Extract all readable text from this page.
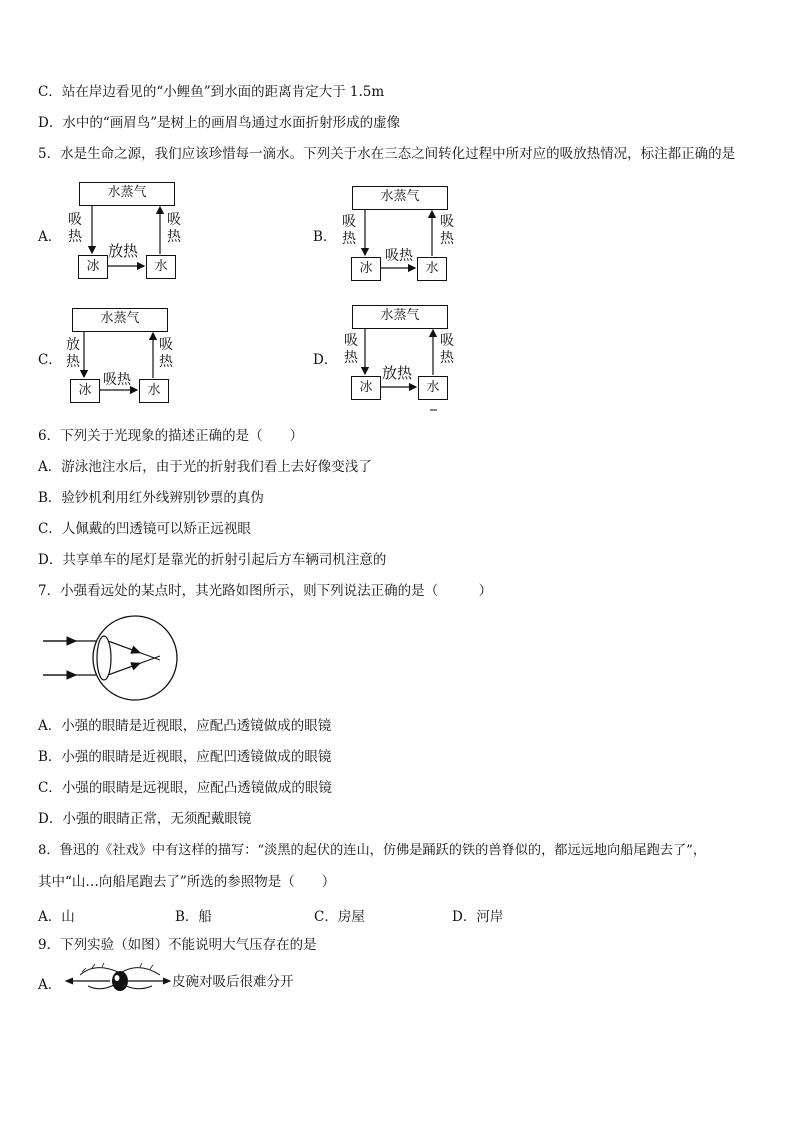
C．站在岸边看见的“小鲤鱼”到水面的距离肯定大于 1.5m
D．水中的“画眉鸟”是树上的画眉鸟通过水面折射形成的虚像
5．水是生命之源，我们应该珍惜每一滴水。下列关于水在三态之间转化过程中所对应的吸放热情况，标注都正确的是
A．
水蒸气
吸
热
吸
热
放热
冰	水
B．
水蒸气
吸
热
吸
热
吸热
冰	水
C．
水蒸气
放
热
吸
热
吸热
冰	水
D．
水蒸气
吸
热
吸
热
放热
冰	水
6．下列关于光现象的描述正确的是（　　）
A．游泳池注水后，由于光的折射我们看上去好像变浅了
B．验钞机利用红外线辨别钞票的真伪
C．人佩戴的凹透镜可以矫正远视眼
D．共享单车的尾灯是靠光的折射引起后方车辆司机注意的
7．小强看远处的某点时，其光路如图所示，则下列说法正确的是（　　　）
A．小强的眼睛是近视眼，应配凸透镜做成的眼镜
B．小强的眼睛是近视眼，应配凹透镜做成的眼镜
C．小强的眼睛是远视眼，应配凸透镜做成的眼镜
D．小强的眼睛正常，无须配戴眼镜
8．鲁迅的《社戏》中有这样的描写：“淡黑的起伏的连山，仿佛是踊跃的铁的兽脊似的，都远远地向船尾跑去了”，
其中“山…向船尾跑去了”所选的参照物是（　　）
A．山	B．船	C．房屋	D．河岸
9．下列实验（如图）不能说明大气压存在的是
A．	皮碗对吸后很难分开
